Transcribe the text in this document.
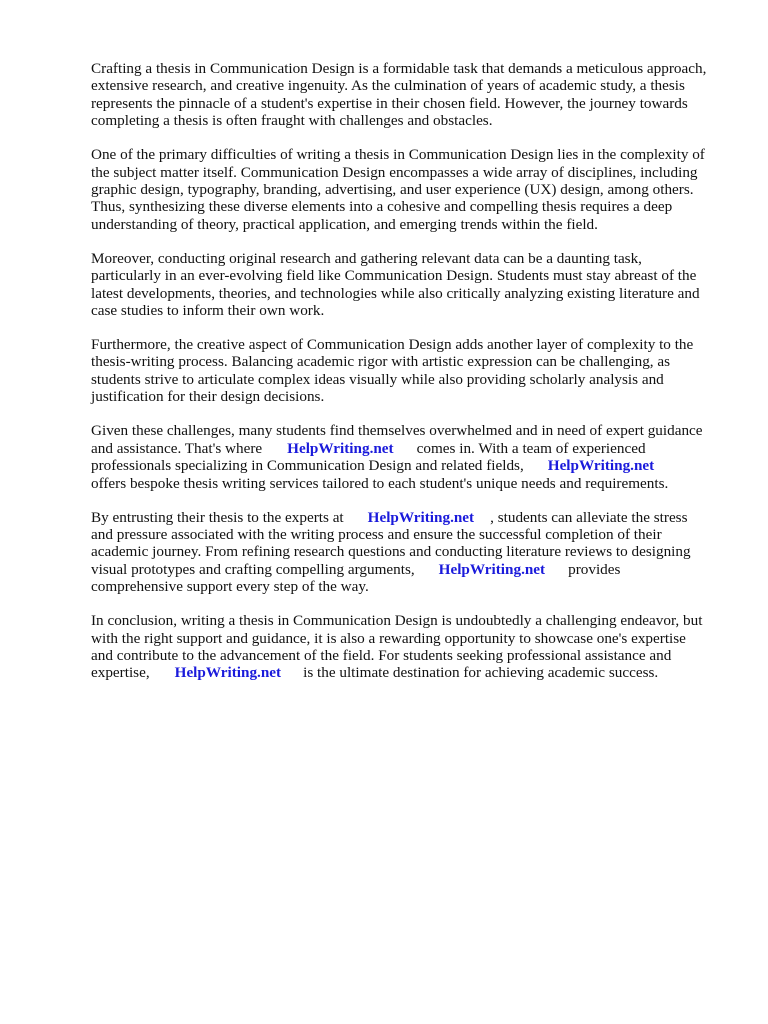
Crafting a thesis in Communication Design is a formidable task that demands a meticulous approach,
extensive research, and creative ingenuity. As the culmination of years of academic study, a thesis
represents the pinnacle of a student's expertise in their chosen field. However, the journey towards
completing a thesis is often fraught with challenges and obstacles.

One of the primary difficulties of writing a thesis in Communication Design lies in the complexity of
the subject matter itself. Communication Design encompasses a wide array of disciplines, including
graphic design, typography, branding, advertising, and user experience (UX) design, among others.
Thus, synthesizing these diverse elements into a cohesive and compelling thesis requires a deep
understanding of theory, practical application, and emerging trends within the field.

Moreover, conducting original research and gathering relevant data can be a daunting task,
particularly in an ever-evolving field like Communication Design. Students must stay abreast of the
latest developments, theories, and technologies while also critically analyzing existing literature and
case studies to inform their own work.

Furthermore, the creative aspect of Communication Design adds another layer of complexity to the
thesis-writing process. Balancing academic rigor with artistic expression can be challenging, as
students strive to articulate complex ideas visually while also providing scholarly analysis and
justification for their design decisions.

Given these challenges, many students find themselves overwhelmed and in need of expert guidance
and assistance. That's where HelpWriting.net comes in. With a team of experienced
professionals specializing in Communication Design and related fields, HelpWriting.net
offers bespoke thesis writing services tailored to each student's unique needs and requirements.

By entrusting their thesis to the experts at HelpWriting.net , students can alleviate the stress
and pressure associated with the writing process and ensure the successful completion of their
academic journey. From refining research questions and conducting literature reviews to designing
visual prototypes and crafting compelling arguments, HelpWriting.net provides
comprehensive support every step of the way.

In conclusion, writing a thesis in Communication Design is undoubtedly a challenging endeavor, but
with the right support and guidance, it is also a rewarding opportunity to showcase one's expertise
and contribute to the advancement of the field. For students seeking professional assistance and
expertise, HelpWriting.net is the ultimate destination for achieving academic success.
